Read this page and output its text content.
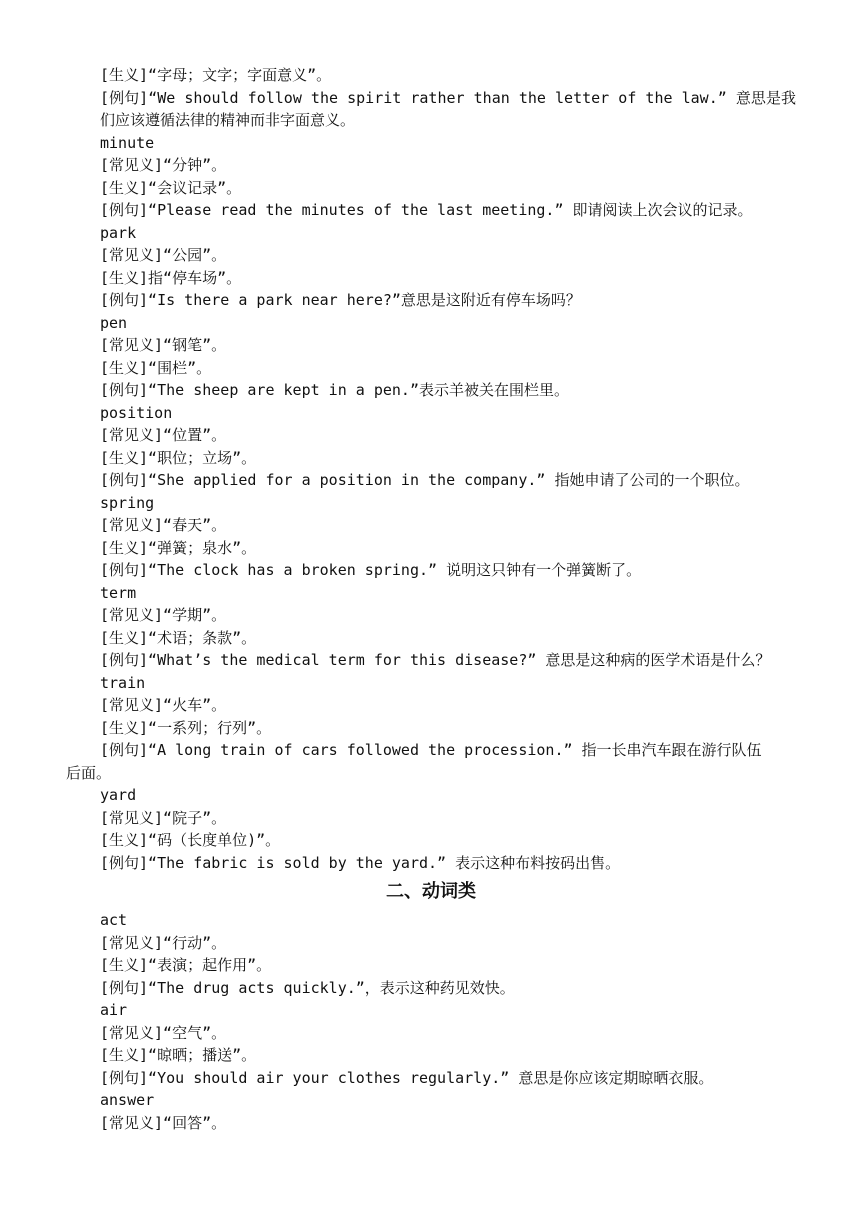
[生义]“字母；文字；字面意义”。
[例句]“We should follow the spirit rather than the letter of the law.” 意思是我们应该遵循法律的精神而非字面意义。
minute
[常见义]“分钟”。
[生义]“会议记录”。
[例句]“Please read the minutes of the last meeting.” 即请阅读上次会议的记录。
park
[常见义]“公园”。
[生义]指“停车场”。
[例句]“Is there a park near here?”意思是这附近有停车场吗？
pen
[常见义]“钢笔”。
[生义]“围栏”。
[例句]“The sheep are kept in a pen.”表示羊被关在围栏里。
position
[常见义]“位置”。
[生义]“职位；立场”。
[例句]“She applied for a position in the company.” 指她申请了公司的一个职位。
spring
[常见义]“春天”。
[生义]“弹簧；泉水”。
[例句]“The clock has a broken spring.” 说明这只钟有一个弹簧断了。
term
[常见义]“学期”。
[生义]“术语；条款”。
[例句]“What’s the medical term for this disease?” 意思是这种病的医学术语是什么？
train
[常见义]“火车”。
[生义]“一系列；行列”。
[例句]“A long train of cars followed the procession.” 指一长串汽车跟在游行队伍
后面。
yard
[常见义]“院子”。
[生义]“码（长度单位)”。
[例句]“The fabric is sold by the yard.” 表示这种布料按码出售。
二、动词类
act
[常见义]“行动”。
[生义]“表演；起作用”。
[例句]“The drug acts quickly.”，表示这种药见效快。
air
[常见义]“空气”。
[生义]“晾晒；播送”。
[例句]“You should air your clothes regularly.” 意思是你应该定期晾晒衣服。
answer
[常见义]“回答”。
